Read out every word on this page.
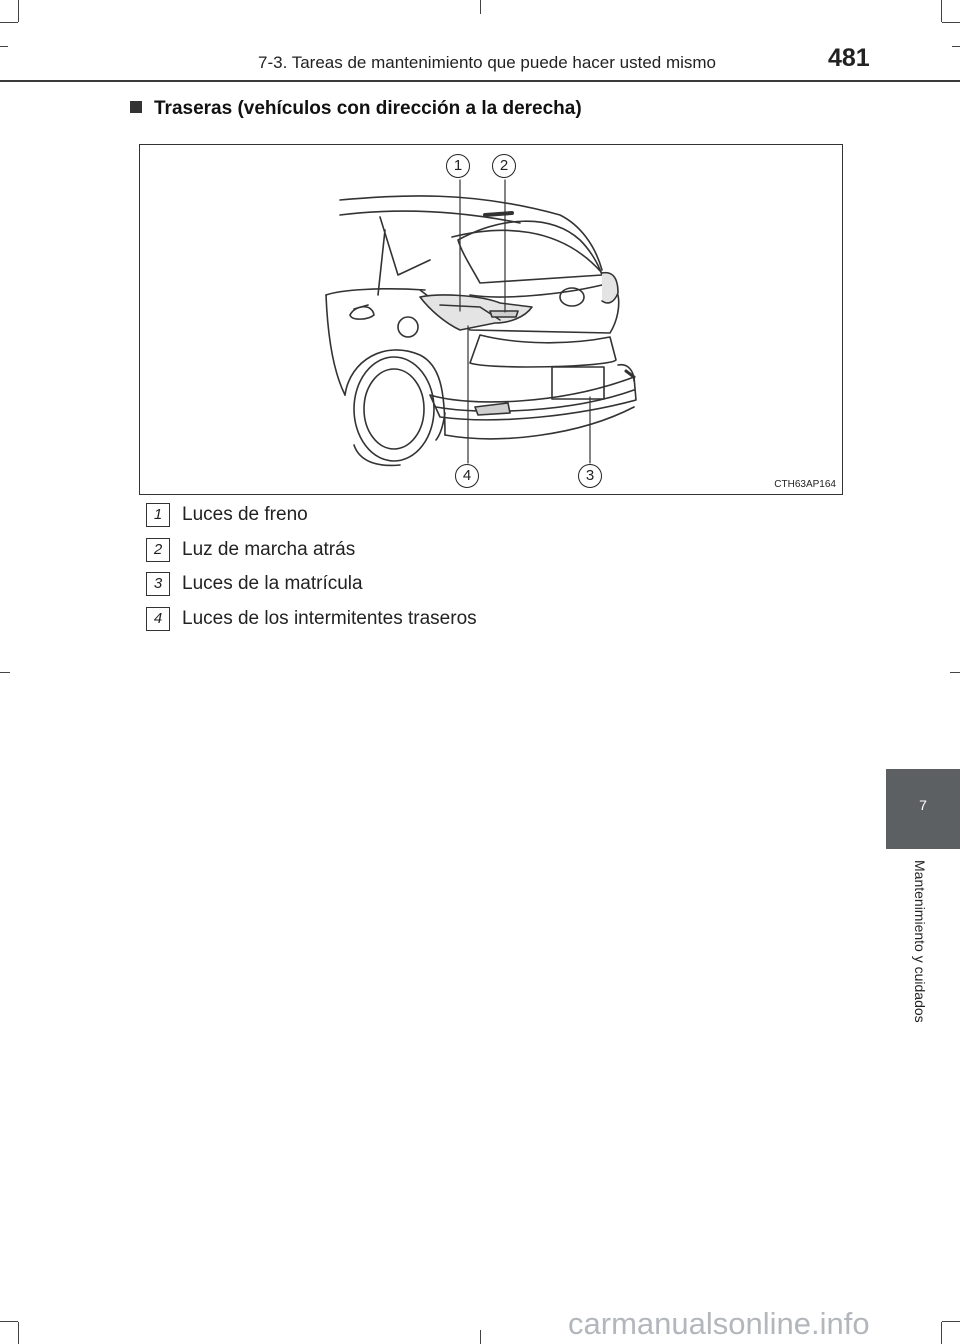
7-3. Tareas de mantenimiento que puede hacer usted mismo	481
Traseras (vehículos con dirección a la derecha)
1	2
4	3
CTH63AP164
1	Luces de freno
2	Luz de marcha atrás
3	Luces de la matrícula
4	Luces de los intermitentes traseros
7
Mantenimiento y cuidados
carmanualsonline.info
